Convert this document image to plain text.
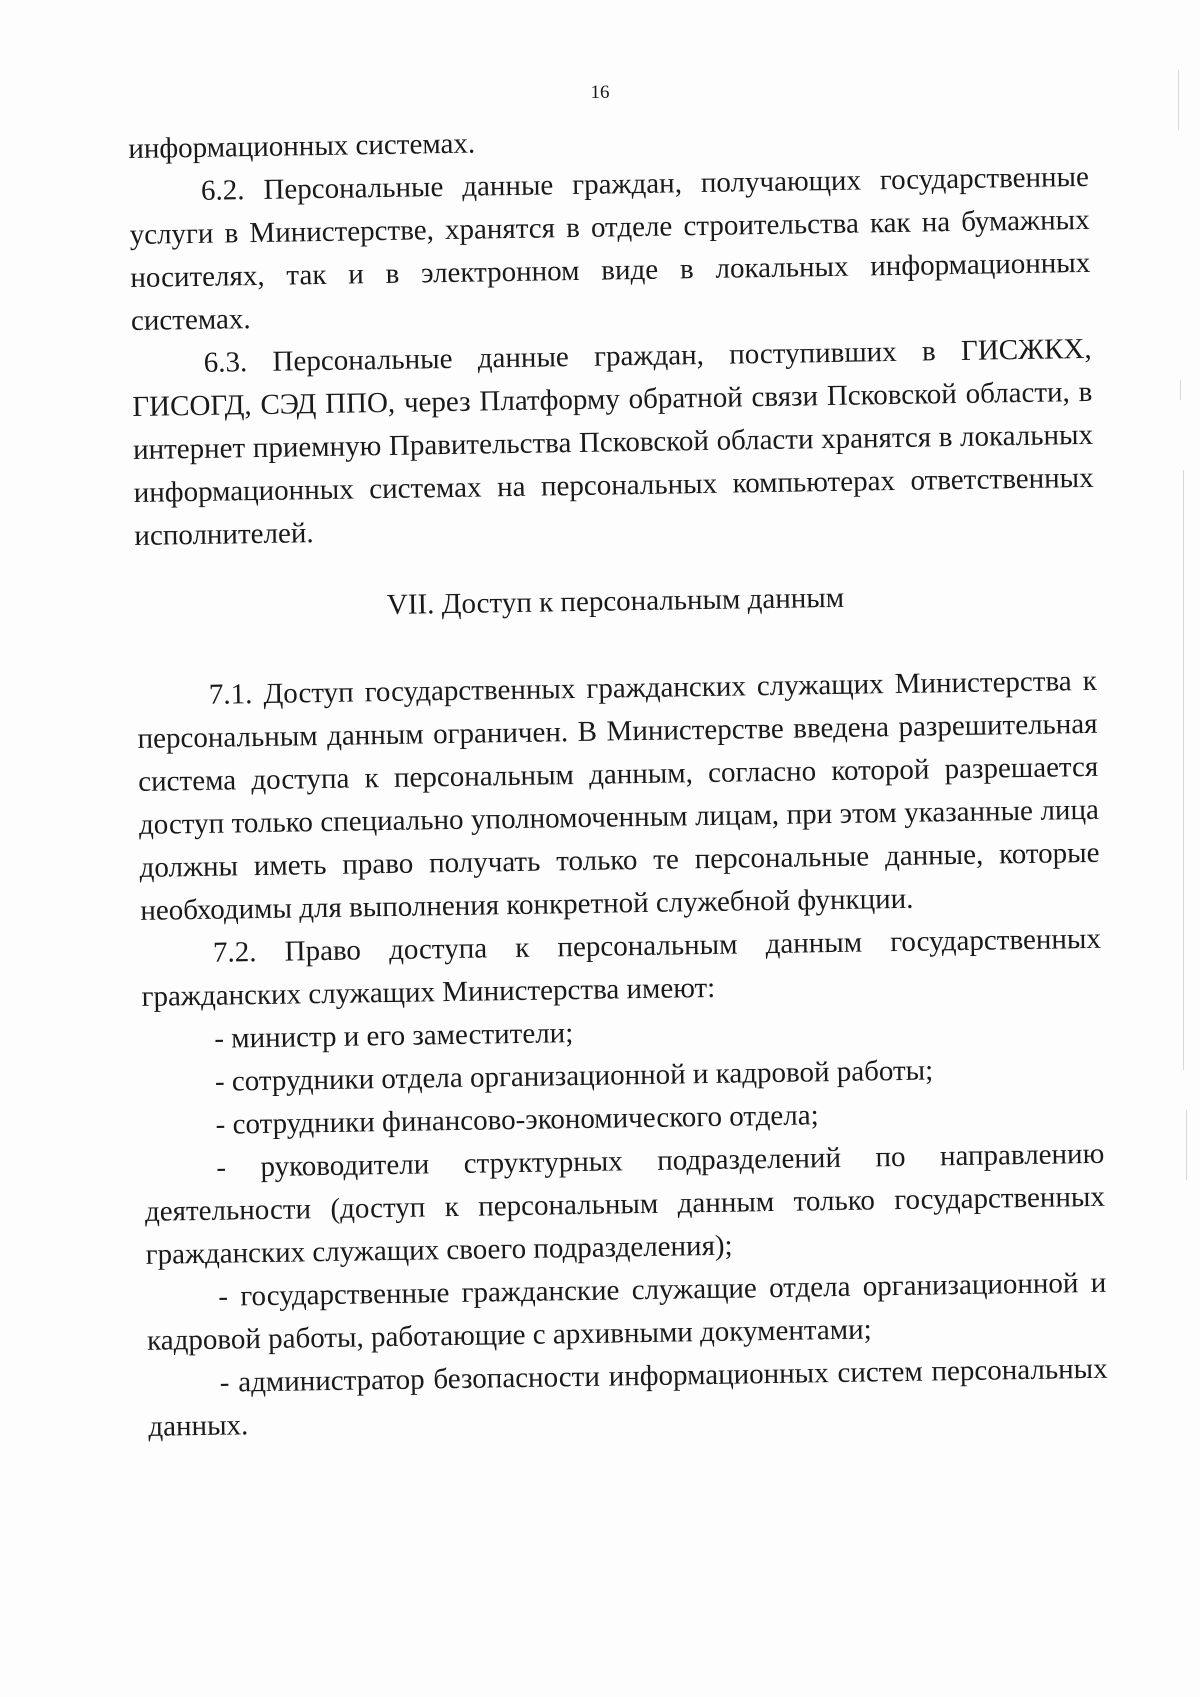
16

информационных системах.

6.2. Персональные данные граждан, получающих государственные услуги в Министерстве, хранятся в отделе строительства как на бумажных носителях, так и в электронном виде в локальных информационных системах.

6.3. Персональные данные граждан, поступивших в ГИСЖКХ, ГИСОГД, СЭД ППО, через Платформу обратной связи Псковской области, в интернет приемную Правительства Псковской области хранятся в локальных информационных системах на персональных компьютерах ответственных исполнителей.

VII. Доступ к персональным данным

7.1. Доступ государственных гражданских служащих Министерства к персональным данным ограничен. В Министерстве введена разрешительная система доступа к персональным данным, согласно которой разрешается доступ только специально уполномоченным лицам, при этом указанные лица должны иметь право получать только те персональные данные, которые необходимы для выполнения конкретной служебной функции.

7.2. Право доступа к персональным данным государственных гражданских служащих Министерства имеют:

- министр и его заместители;

- сотрудники отдела организационной и кадровой работы;

- сотрудники финансово-экономического отдела;

- руководители структурных подразделений по направлению деятельности (доступ к персональным данным только государственных гражданских служащих своего подразделения);

- государственные гражданские служащие отдела организационной и кадровой работы, работающие с архивными документами;

- администратор безопасности информационных систем персональных данных.
